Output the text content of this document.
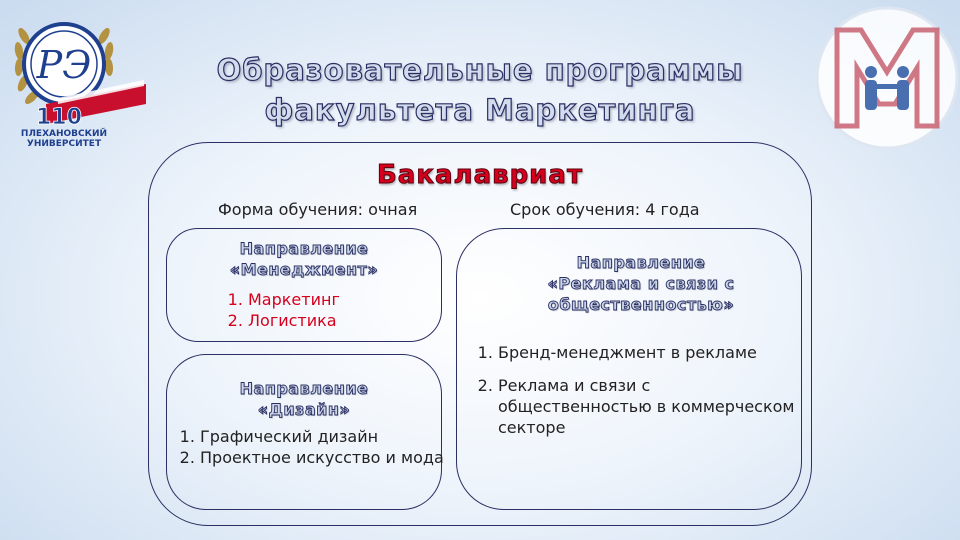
РЭ
110
ПЛЕХАНОВСКИЙ
УНИВЕРСИТЕТ
Образовательные программы
факультета Маркетинга
Бакалавриат
Форма обучения: очная	Срок обучения: 4 года
Направление
«Менеджмент»
1. Маркетинг
2. Логистика
Направление
«Дизайн»
1. Графический дизайн
2. Проектное искусство и мода
Направление
«Реклама и связи с
общественностью»
1. Бренд-менеджмент в рекламе
2. Реклама и связи с общественностью в коммерческом секторе
